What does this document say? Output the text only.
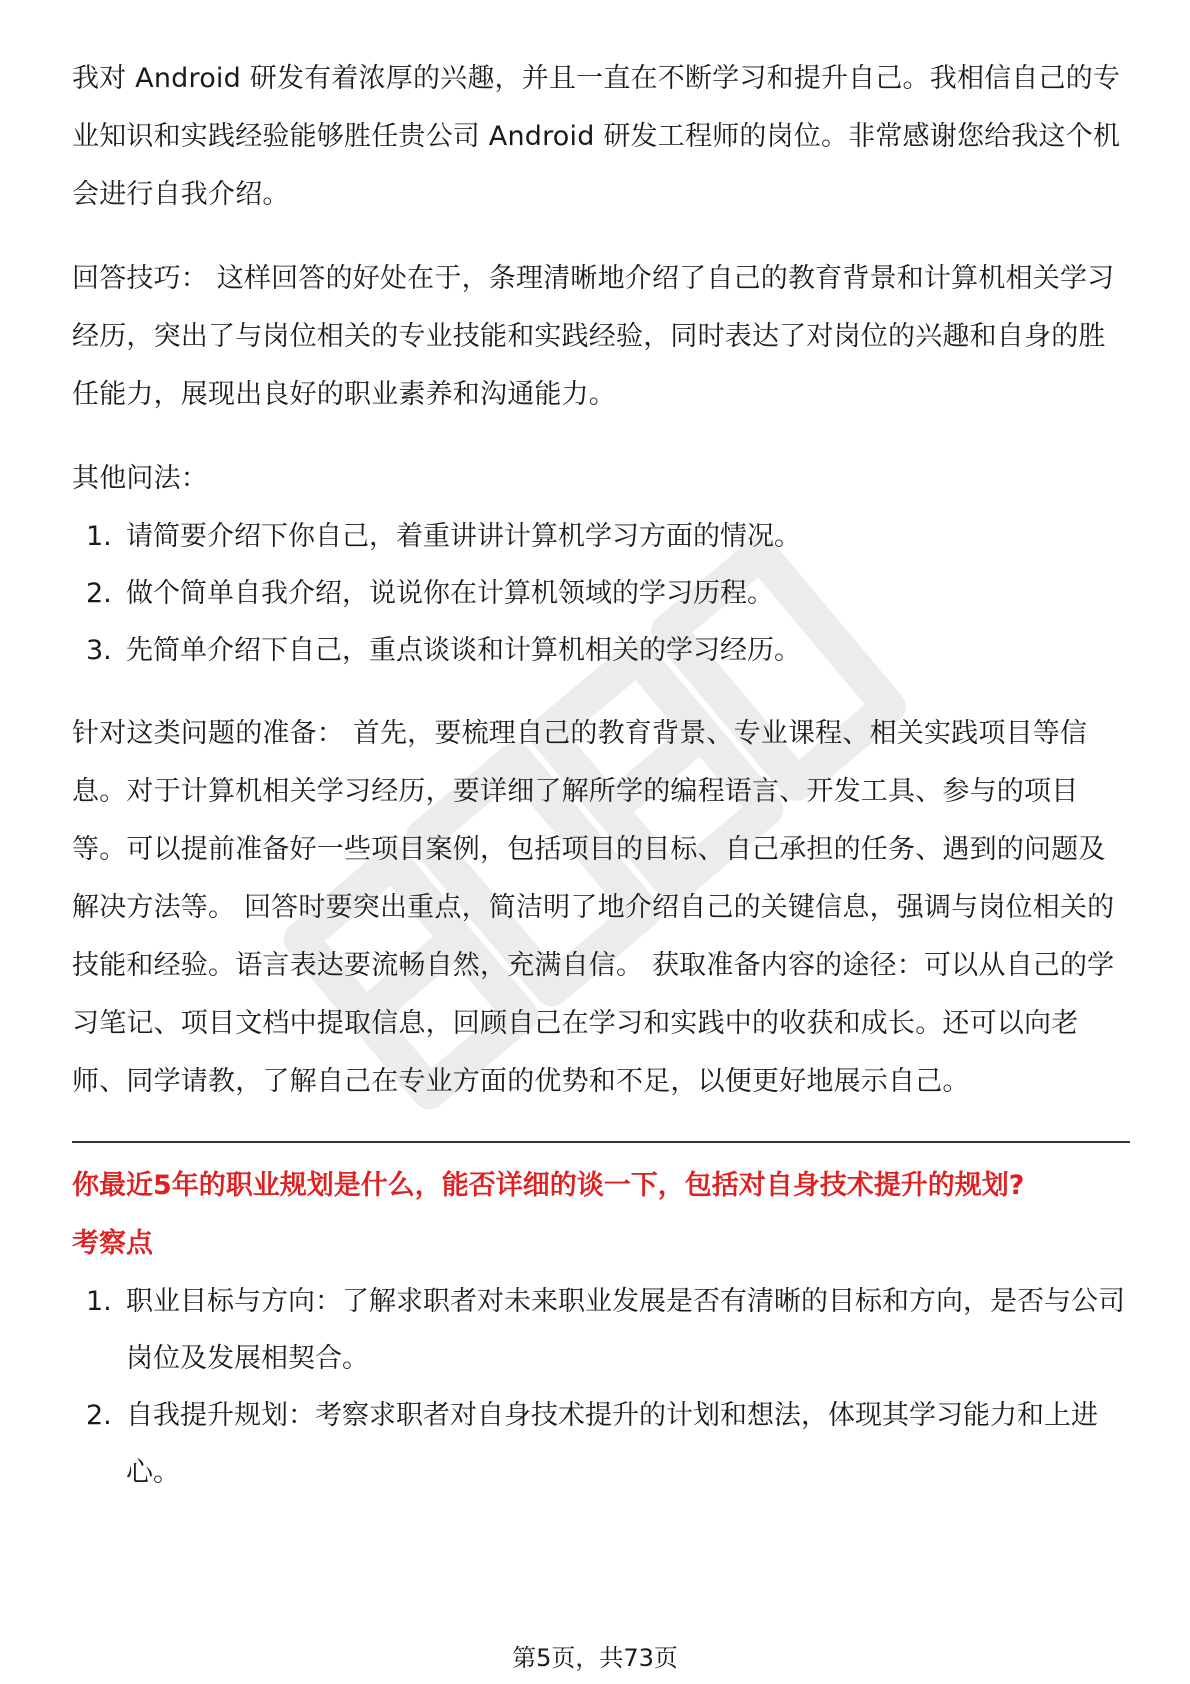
我对 Android 研发有着浓厚的兴趣，并且一直在不断学习和提升自己。我相信自己的专业知识和实践经验能够胜任贵公司 Android 研发工程师的岗位。非常感谢您给我这个机会进行自我介绍。

回答技巧： 这样回答的好处在于，条理清晰地介绍了自己的教育背景和计算机相关学习经历，突出了与岗位相关的专业技能和实践经验，同时表达了对岗位的兴趣和自身的胜任能力，展现出良好的职业素养和沟通能力。

其他问法：

1. 请简要介绍下你自己，着重讲讲计算机学习方面的情况。
2. 做个简单自我介绍，说说你在计算机领域的学习历程。
3. 先简单介绍下自己，重点谈谈和计算机相关的学习经历。

针对这类问题的准备： 首先，要梳理自己的教育背景、专业课程、相关实践项目等信息。对于计算机相关学习经历，要详细了解所学的编程语言、开发工具、参与的项目等。可以提前准备好一些项目案例，包括项目的目标、自己承担的任务、遇到的问题及解决方法等。 回答时要突出重点，简洁明了地介绍自己的关键信息，强调与岗位相关的技能和经验。语言表达要流畅自然，充满自信。 获取准备内容的途径：可以从自己的学习笔记、项目文档中提取信息，回顾自己在学习和实践中的收获和成长。还可以向老师、同学请教，了解自己在专业方面的优势和不足，以便更好地展示自己。

你最近5年的职业规划是什么，能否详细的谈一下，包括对自身技术提升的规划?

考察点

1. 职业目标与方向：了解求职者对未来职业发展是否有清晰的目标和方向，是否与公司岗位及发展相契合。
2. 自我提升规划：考察求职者对自身技术提升的计划和想法，体现其学习能力和上进心。
第5页，共73页
